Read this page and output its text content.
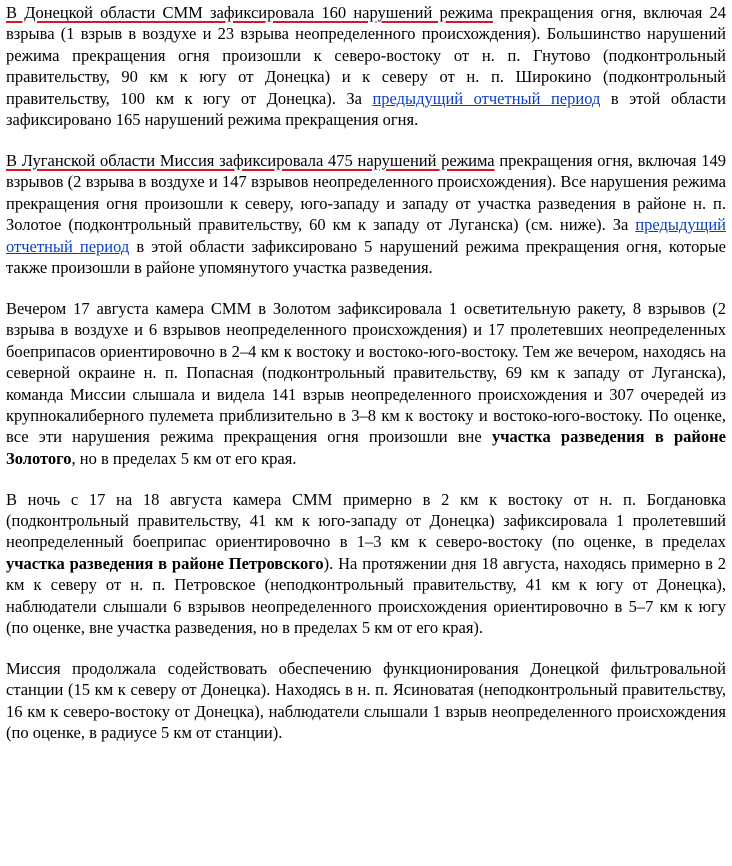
В Донецкой области СММ зафиксировала 160 нарушений режима прекращения огня, включая 24 взрыва (1 взрыв в воздухе и 23 взрыва неопределенного происхождения). Большинство нарушений режима прекращения огня произошли к северо-востоку от н. п. Гнутово (подконтрольный правительству, 90 км к югу от Донецка) и к северу от н. п. Широкино (подконтрольный правительству, 100 км к югу от Донецка). За предыдущий отчетный период в этой области зафиксировано 165 нарушений режима прекращения огня.

В Луганской области Миссия зафиксировала 475 нарушений режима прекращения огня, включая 149 взрывов (2 взрыва в воздухе и 147 взрывов неопределенного происхождения). Все нарушения режима прекращения огня произошли к северу, юго-западу и западу от участка разведения в районе н. п. Золотое (подконтрольный правительству, 60 км к западу от Луганска) (см. ниже). За предыдущий отчетный период в этой области зафиксировано 5 нарушений режима прекращения огня, которые также произошли в районе упомянутого участка разведения.

Вечером 17 августа камера СММ в Золотом зафиксировала 1 осветительную ракету, 8 взрывов (2 взрыва в воздухе и 6 взрывов неопределенного происхождения) и 17 пролетевших неопределенных боеприпасов ориентировочно в 2–4 км к востоку и востоко-юго-востоку. Тем же вечером, находясь на северной окраине н. п. Попасная (подконтрольный правительству, 69 км к западу от Луганска), команда Миссии слышала и видела 141 взрыв неопределенного происхождения и 307 очередей из крупнокалиберного пулемета приблизительно в 3–8 км к востоку и востоко-юго-востоку. По оценке, все эти нарушения режима прекращения огня произошли вне участка разведения в районе Золотого, но в пределах 5 км от его края.

В ночь с 17 на 18 августа камера СММ примерно в 2 км к востоку от н. п. Богдановка (подконтрольный правительству, 41 км к юго-западу от Донецка) зафиксировала 1 пролетевший неопределенный боеприпас ориентировочно в 1–3 км к северо-востоку (по оценке, в пределах участка разведения в районе Петровского). На протяжении дня 18 августа, находясь примерно в 2 км к северу от н. п. Петровское (неподконтрольный правительству, 41 км к югу от Донецка), наблюдатели слышали 6 взрывов неопределенного происхождения ориентировочно в 5–7 км к югу (по оценке, вне участка разведения, но в пределах 5 км от его края).

Миссия продолжала содействовать обеспечению функционирования Донецкой фильтровальной станции (15 км к северу от Донецка). Находясь в н. п. Ясиноватая (неподконтрольный правительству, 16 км к северо-востоку от Донецка), наблюдатели слышали 1 взрыв неопределенного происхождения (по оценке, в радиусе 5 км от станции).
